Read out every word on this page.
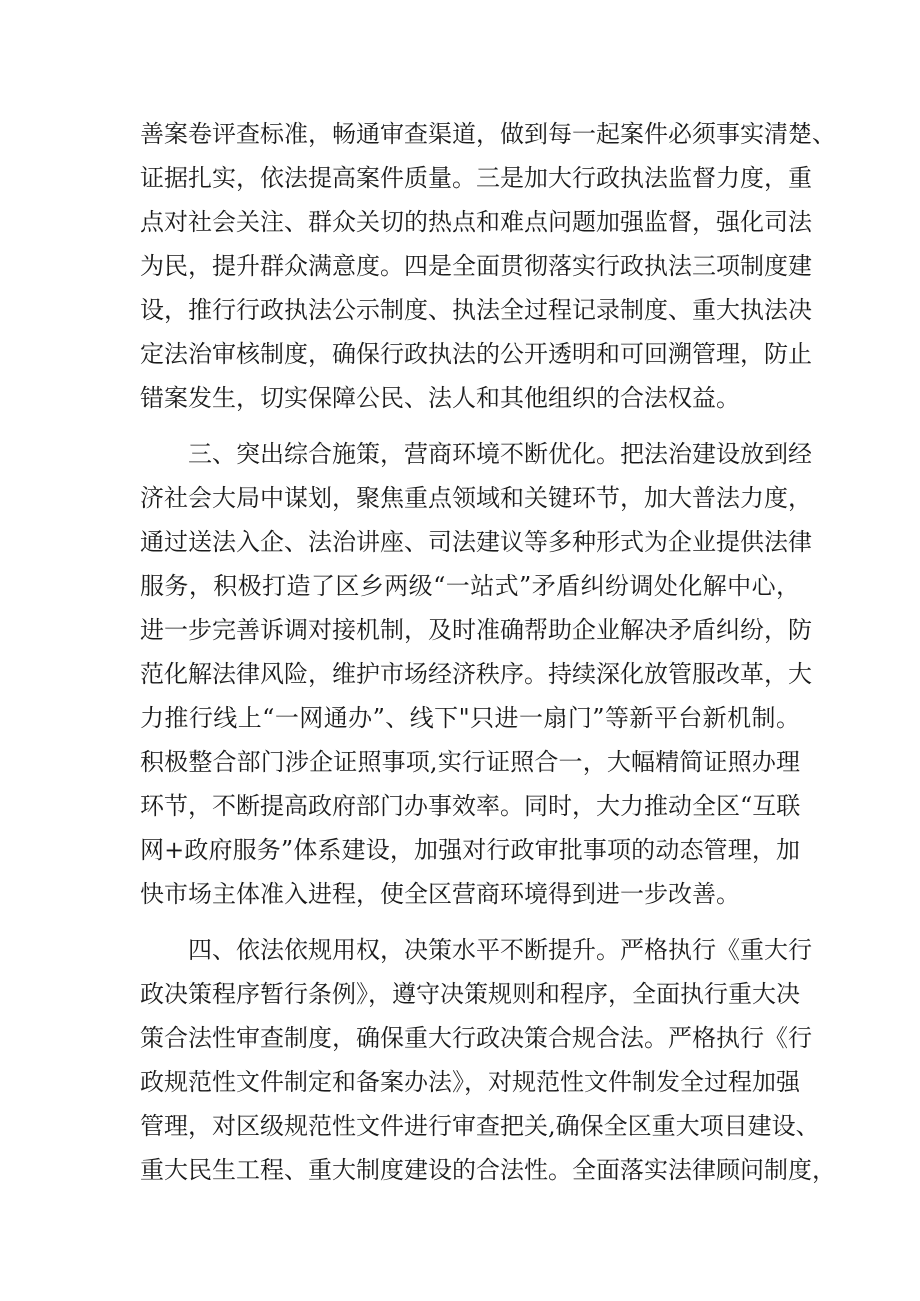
善案卷评查标准，畅通审查渠道，做到每一起案件必须事实清楚、
证据扎实，依法提高案件质量。三是加大行政执法监督力度，重
点对社会关注、群众关切的热点和难点问题加强监督，强化司法
为民，提升群众满意度。四是全面贯彻落实行政执法三项制度建
设，推行行政执法公示制度、执法全过程记录制度、重大执法决
定法治审核制度，确保行政执法的公开透明和可回溯管理，防止
错案发生，切实保障公民、法人和其他组织的合法权益。
三、突出综合施策，营商环境不断优化。把法治建设放到经
济社会大局中谋划，聚焦重点领域和关键环节，加大普法力度，
通过送法入企、法治讲座、司法建议等多种形式为企业提供法律
服务，积极打造了区乡两级“一站式”矛盾纠纷调处化解中心，
进一步完善诉调对接机制，及时准确帮助企业解决矛盾纠纷，防
范化解法律风险，维护市场经济秩序。持续深化放管服改革，大
力推行线上“一网通办”、线下"只进一扇门”等新平台新机制。
积极整合部门涉企证照事项,实行证照合一，大幅精简证照办理
环节，不断提高政府部门办事效率。同时，大力推动全区“互联
网+政府服务”体系建设，加强对行政审批事项的动态管理，加
快市场主体准入进程，使全区营商环境得到进一步改善。
四、依法依规用权，决策水平不断提升。严格执行《重大行
政决策程序暂行条例》，遵守决策规则和程序，全面执行重大决
策合法性审查制度，确保重大行政决策合规合法。严格执行《行
政规范性文件制定和备案办法》，对规范性文件制发全过程加强
管理，对区级规范性文件进行审查把关,确保全区重大项目建设、
重大民生工程、重大制度建设的合法性。全面落实法律顾问制度，
